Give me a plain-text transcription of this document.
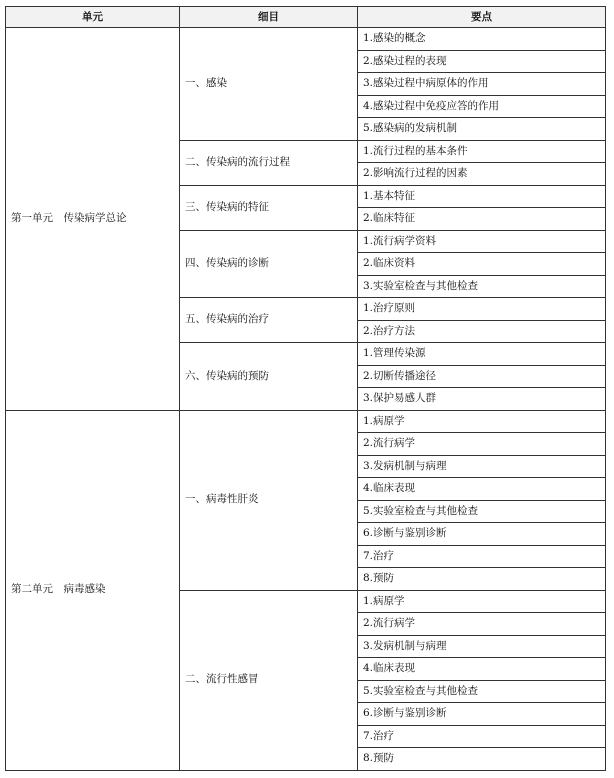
单元	细目	要点
第一单元　传染病学总论	一、感染	1.感染的概念
		2.感染过程的表现
		3.感染过程中病原体的作用
		4.感染过程中免疫应答的作用
		5.感染病的发病机制
	二、传染病的流行过程	1.流行过程的基本条件
		2.影响流行过程的因素
	三、传染病的特征	1.基本特征
		2.临床特征
	四、传染病的诊断	1.流行病学资料
		2.临床资料
		3.实验室检查与其他检查
	五、传染病的治疗	1.治疗原则
		2.治疗方法
	六、传染病的预防	1.管理传染源
		2.切断传播途径
		3.保护易感人群
第二单元　病毒感染	一、病毒性肝炎	1.病原学
		2.流行病学
		3.发病机制与病理
		4.临床表现
		5.实验室检查与其他检查
		6.诊断与鉴别诊断
		7.治疗
		8.预防
	二、流行性感冒	1.病原学
		2.流行病学
		3.发病机制与病理
		4.临床表现
		5.实验室检查与其他检查
		6.诊断与鉴别诊断
		7.治疗
		8.预防
